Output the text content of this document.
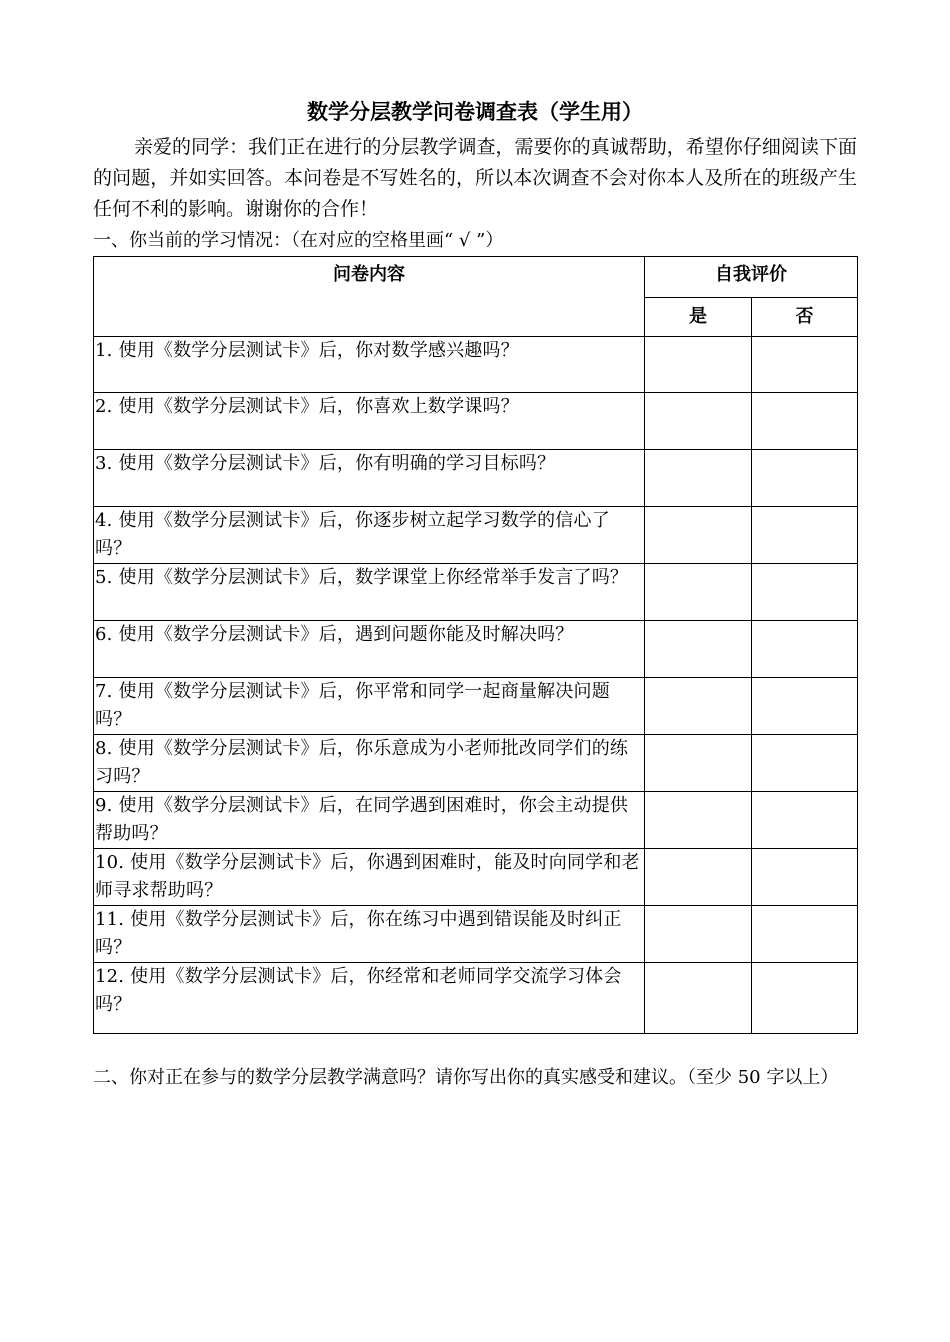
数学分层教学问卷调查表（学生用）

亲爱的同学：我们正在进行的分层教学调查，需要你的真诚帮助，希望你仔细阅读下面的问题，并如实回答。本问卷是不写姓名的，所以本次调查不会对你本人及所在的班级产生任何不利的影响。谢谢你的合作！

一、你当前的学习情况：（在对应的空格里画“ √ ”）

问卷内容	自我评价	
	是	否
1. 使用《数学分层测试卡》后，你对数学感兴趣吗？		
2. 使用《数学分层测试卡》后，你喜欢上数学课吗？		
3. 使用《数学分层测试卡》后，你有明确的学习目标吗？		
4. 使用《数学分层测试卡》后，你逐步树立起学习数学的信心了吗？		
5. 使用《数学分层测试卡》后，数学课堂上你经常举手发言了吗？		
6. 使用《数学分层测试卡》后，遇到问题你能及时解决吗？		
7. 使用《数学分层测试卡》后，你平常和同学一起商量解决问题吗？		
8. 使用《数学分层测试卡》后，你乐意成为小老师批改同学们的练习吗？		
9. 使用《数学分层测试卡》后，在同学遇到困难时，你会主动提供帮助吗？		
10. 使用《数学分层测试卡》后，你遇到困难时，能及时向同学和老师寻求帮助吗？		
11. 使用《数学分层测试卡》后，你在练习中遇到错误能及时纠正吗？		
12. 使用《数学分层测试卡》后，你经常和老师同学交流学习体会吗？		

二、你对正在参与的数学分层教学满意吗？请你写出你的真实感受和建议。（至少 50 字以上）
